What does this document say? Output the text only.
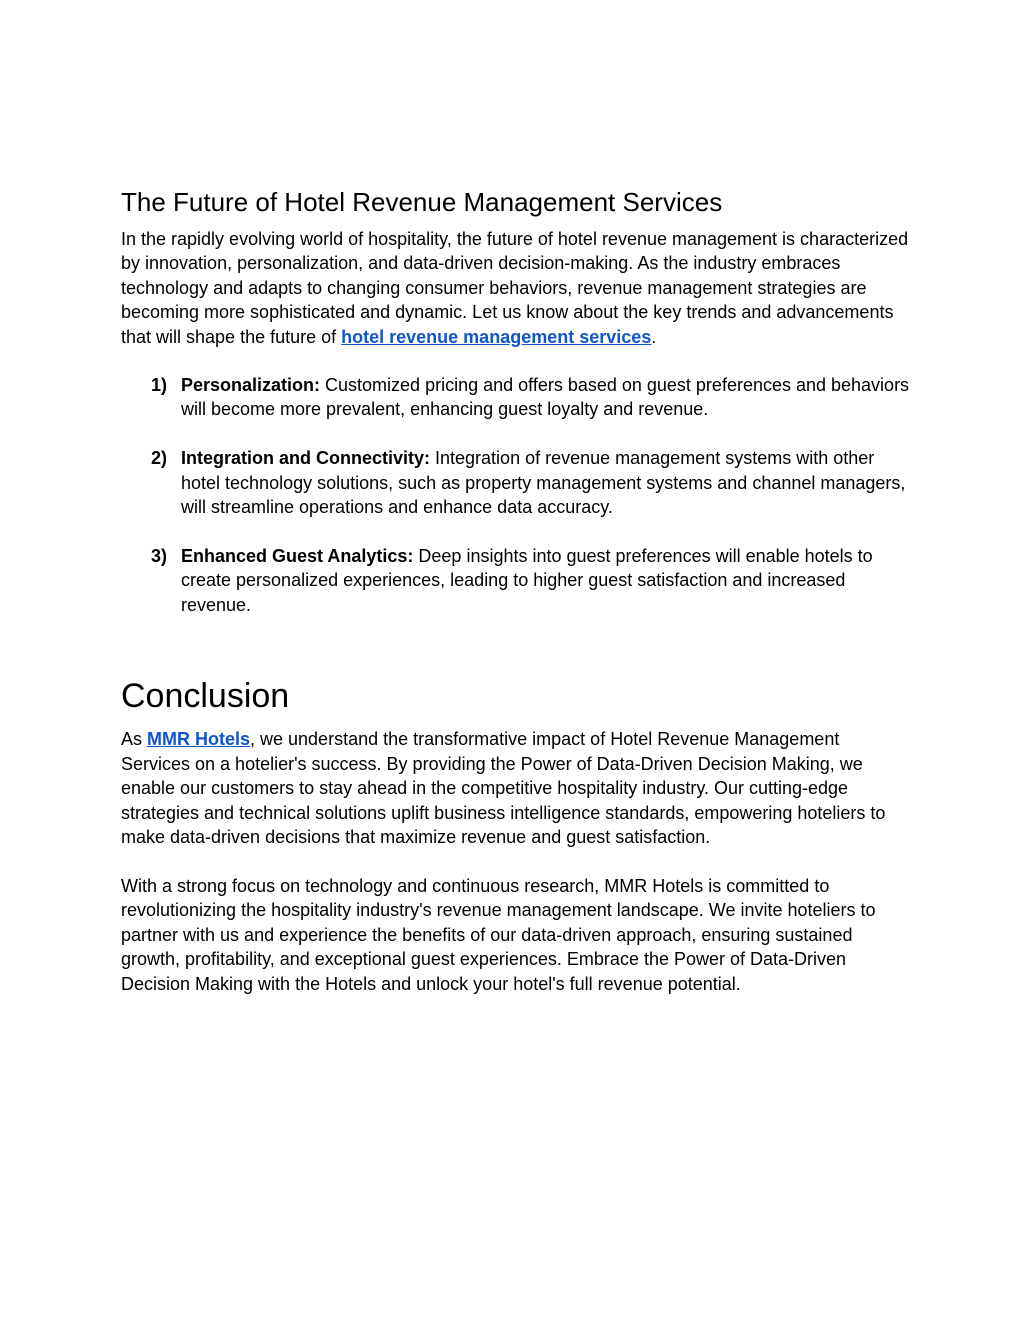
The Future of Hotel Revenue Management Services

In the rapidly evolving world of hospitality, the future of hotel revenue management is characterized by innovation, personalization, and data-driven decision-making. As the industry embraces technology and adapts to changing consumer behaviors, revenue management strategies are becoming more sophisticated and dynamic. Let us know about the key trends and advancements that will shape the future of hotel revenue management services.

1) Personalization: Customized pricing and offers based on guest preferences and behaviors will become more prevalent, enhancing guest loyalty and revenue.
2) Integration and Connectivity: Integration of revenue management systems with other hotel technology solutions, such as property management systems and channel managers, will streamline operations and enhance data accuracy.
3) Enhanced Guest Analytics: Deep insights into guest preferences will enable hotels to create personalized experiences, leading to higher guest satisfaction and increased revenue.
Conclusion

As MMR Hotels, we understand the transformative impact of Hotel Revenue Management Services on a hotelier's success. By providing the Power of Data-Driven Decision Making, we enable our customers to stay ahead in the competitive hospitality industry. Our cutting-edge strategies and technical solutions uplift business intelligence standards, empowering hoteliers to make data-driven decisions that maximize revenue and guest satisfaction.

With a strong focus on technology and continuous research, MMR Hotels is committed to revolutionizing the hospitality industry's revenue management landscape. We invite hoteliers to partner with us and experience the benefits of our data-driven approach, ensuring sustained growth, profitability, and exceptional guest experiences. Embrace the Power of Data-Driven Decision Making with the Hotels and unlock your hotel's full revenue potential.
